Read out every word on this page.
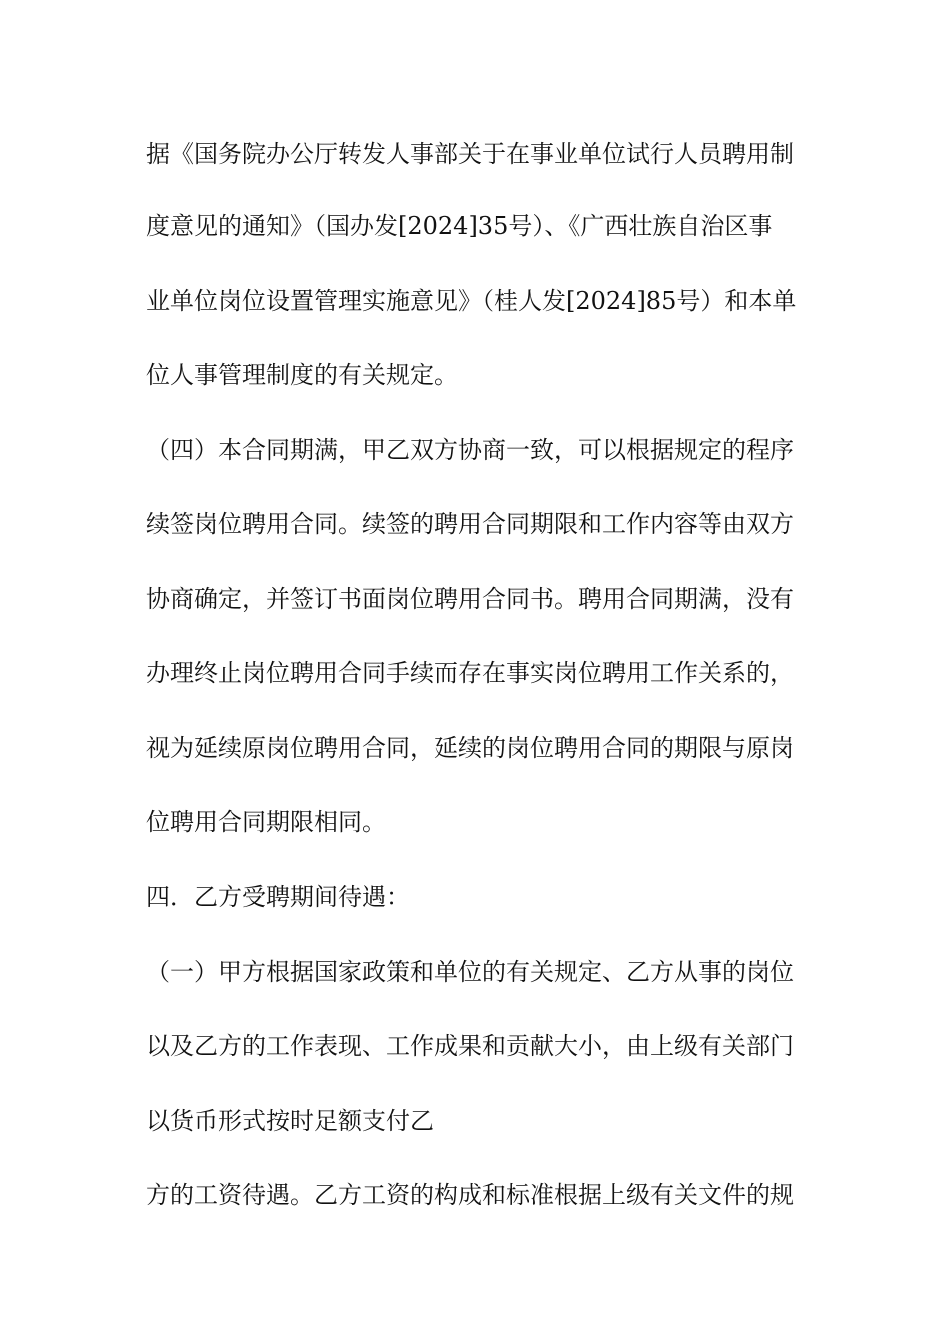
据《国务院办公厅转发人事部关于在事业单位试行人员聘用制
度意见的通知》（国办发[2024]35号）、《广西壮族自治区事
业单位岗位设置管理实施意见》（桂人发[2024]85号）和本单
位人事管理制度的有关规定。
（四）本合同期满，甲乙双方协商一致，可以根据规定的程序
续签岗位聘用合同。续签的聘用合同期限和工作内容等由双方
协商确定，并签订书面岗位聘用合同书。聘用合同期满，没有
办理终止岗位聘用合同手续而存在事实岗位聘用工作关系的，
视为延续原岗位聘用合同，延续的岗位聘用合同的期限与原岗
位聘用合同期限相同。
四．乙方受聘期间待遇：
（一）甲方根据国家政策和单位的有关规定、乙方从事的岗位
以及乙方的工作表现、工作成果和贡献大小，由上级有关部门
以货币形式按时足额支付乙
方的工资待遇。乙方工资的构成和标准根据上级有关文件的规
